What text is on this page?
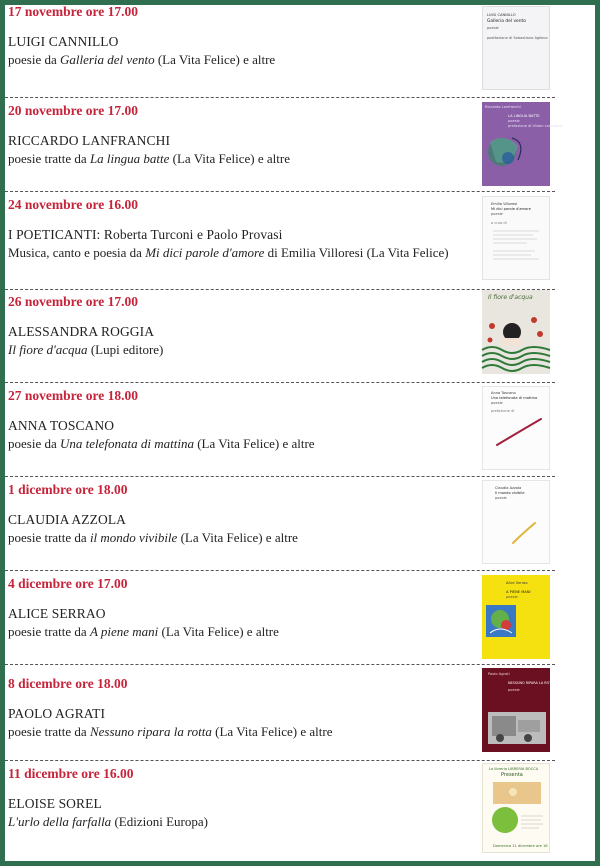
17 novembre ore 17.00
LUIGI CANNILLO
poesie da Galleria del vento (La Vita Felice) e altre
LUIGI CANNILLO
Galleria del vento
poesie
postfazione di Sebastiano Aglieco
20 novembre ore 17.00
RICCARDO LANFRANCHI
poesie tratte da La lingua batte (La Vita Felice) e altre
Riccardo Lanfranchi
LA LINGUA BATTE
poesie
prefazione di Vivian Lamarque
24 novembre ore 16.00
I POETICANTI: Roberta Turconi e Paolo Provasi
Musica, canto e poesia da Mi dici parole d'amore di Emilia Villoresi (La Vita Felice)
Emilia Villoresi
Mi dici parole d'amore
poesie
a cura di
26 novembre ore 17.00
ALESSANDRA ROGGIA
Il fiore d'acqua (Lupi editore)
Il fiore d'acqua
27 novembre ore 18.00
ANNA TOSCANO
poesie da Una telefonata di mattina (La Vita Felice) e altre
Anna Toscano
Una telefonata di mattina
poesie
prefazione di
1 dicembre ore 18.00
CLAUDIA AZZOLA
poesie tratte da il mondo vivibile (La Vita Felice) e altre
Claudia Azzola
Il mondo vivibile
poesie
4 dicembre ore 17.00
ALICE SERRAO
poesie tratte da A piene mani (La Vita Felice) e altre
Alice Serrao
A PIENE MANI
poesie
8 dicembre ore 18.00
PAOLO AGRATI
poesie tratte da Nessuno ripara la rotta (La Vita Felice) e altre
Paolo Agrati
NESSUNO RIPARA LA ROTTA
poesie
11 dicembre ore 16.00
ELOISE SOREL
L'urlo della farfalla (Edizioni Europa)
La libreria LIBRERIA BOCCA
Presenta
Domenica 11 dicembre ore 16
